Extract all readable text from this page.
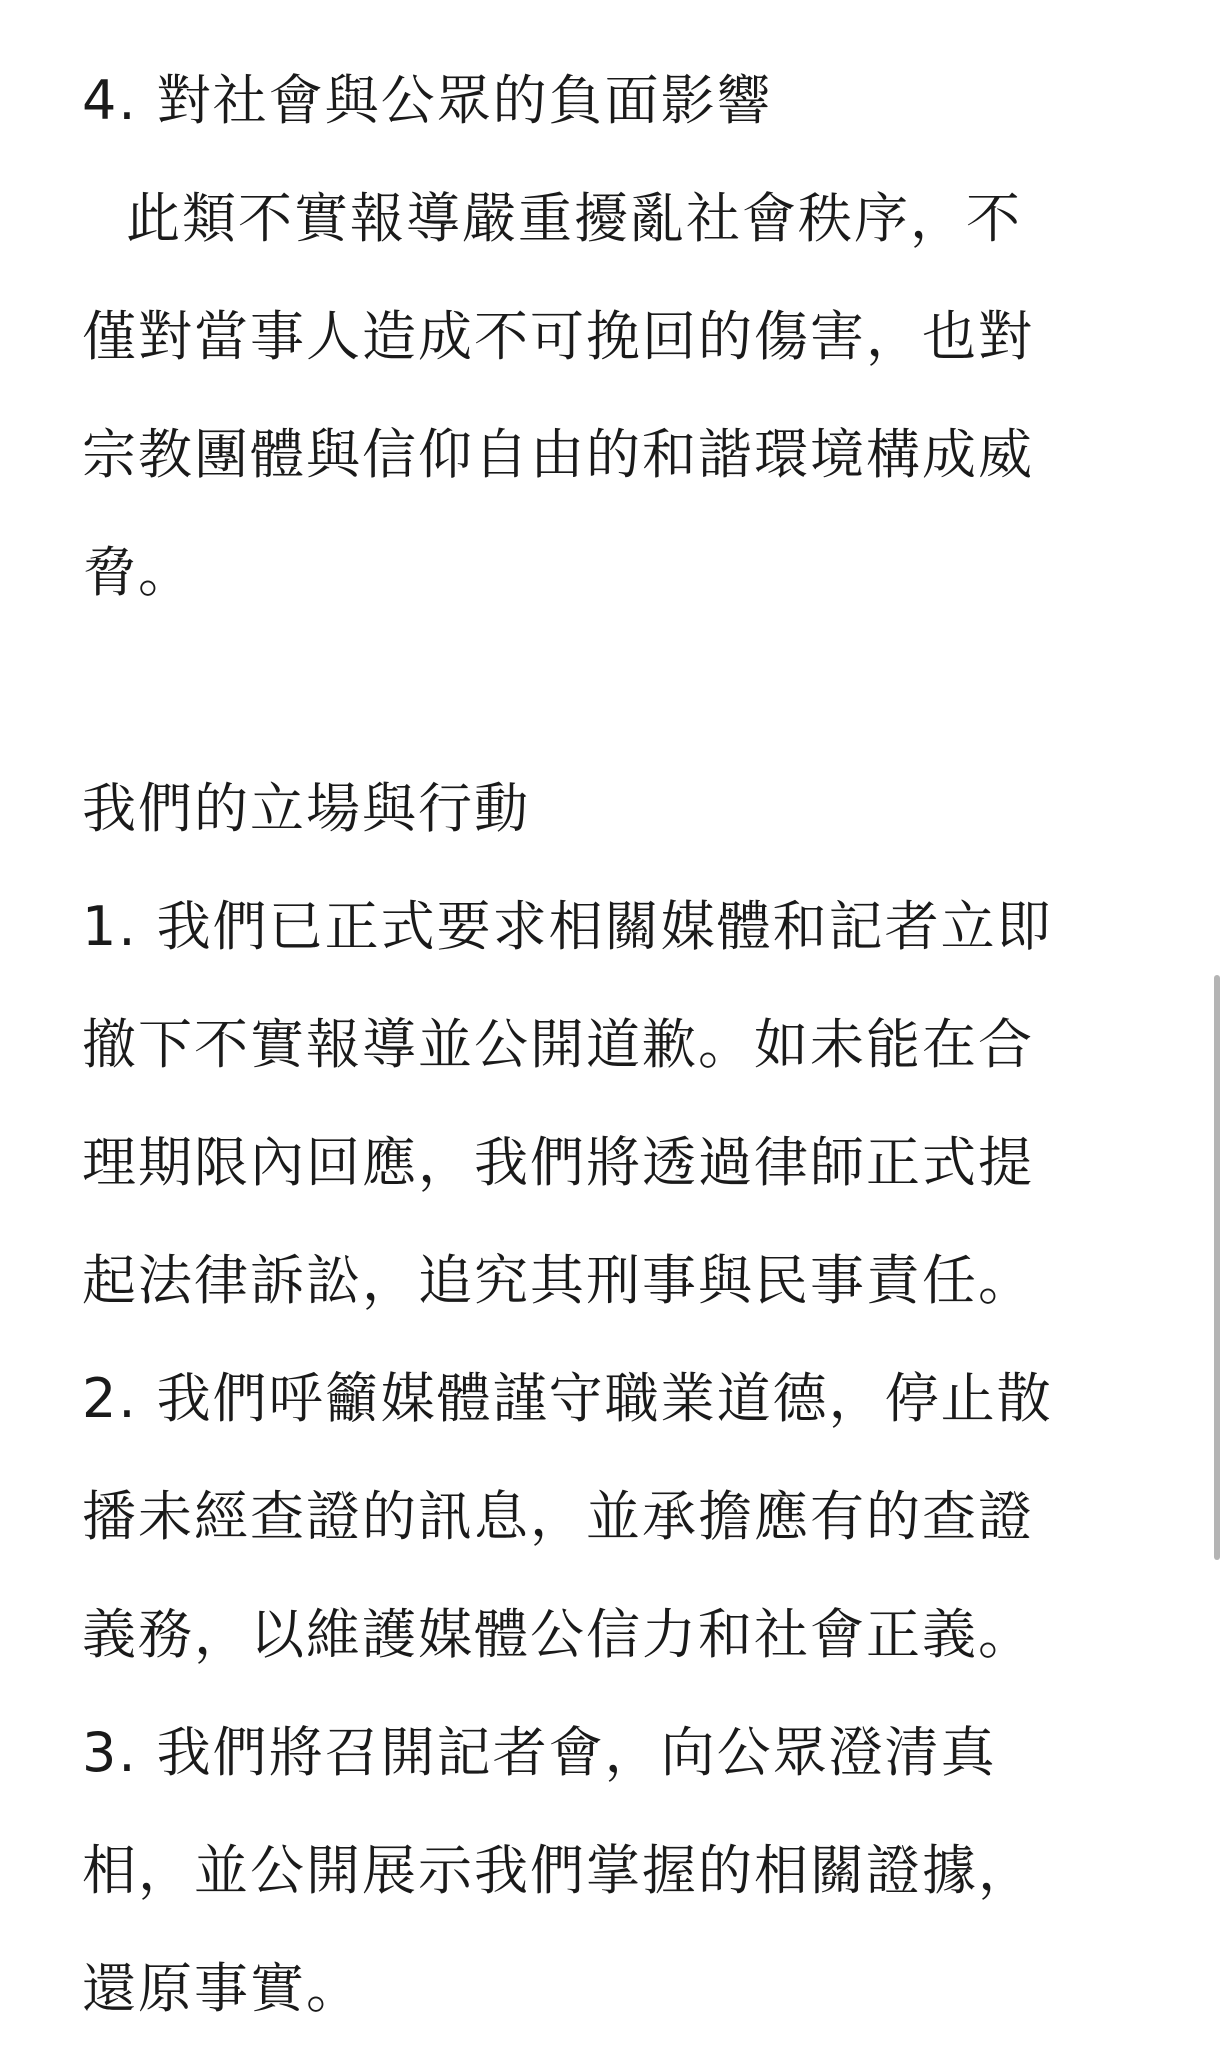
4. 對社會與公眾的負面影響
此類不實報導嚴重擾亂社會秩序，不
僅對當事人造成不可挽回的傷害，也對
宗教團體與信仰自由的和諧環境構成威
脅。
我們的立場與行動
1. 我們已正式要求相關媒體和記者立即
撤下不實報導並公開道歉。如未能在合
理期限內回應，我們將透過律師正式提
起法律訴訟，追究其刑事與民事責任。
2. 我們呼籲媒體謹守職業道德，停止散
播未經查證的訊息，並承擔應有的查證
義務，以維護媒體公信力和社會正義。
3. 我們將召開記者會，向公眾澄清真
相，並公開展示我們掌握的相關證據，
還原事實。
